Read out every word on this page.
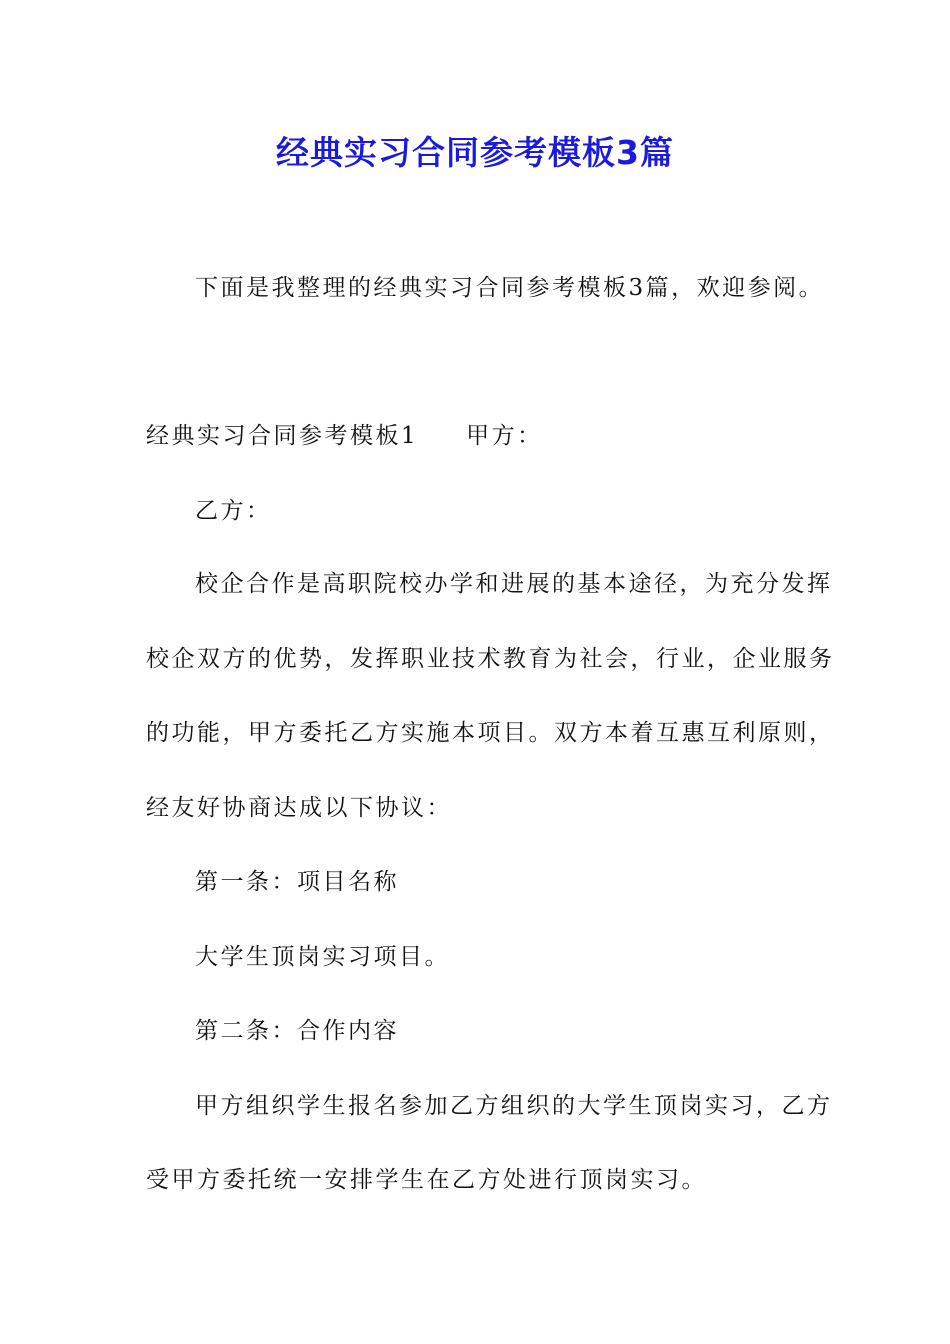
经典实习合同参考模板3篇
下面是我整理的经典实习合同参考模板3篇，欢迎参阅。
经典实习合同参考模板1 甲方：
乙方：
校企合作是高职院校办学和进展的基本途径，为充分发挥
校企双方的优势，发挥职业技术教育为社会，行业，企业服务
的功能，甲方委托乙方实施本项目。双方本着互惠互利原则，
经友好协商达成以下协议：
第一条：项目名称
大学生顶岗实习项目。
第二条：合作内容
甲方组织学生报名参加乙方组织的大学生顶岗实习，乙方
受甲方委托统一安排学生在乙方处进行顶岗实习。
